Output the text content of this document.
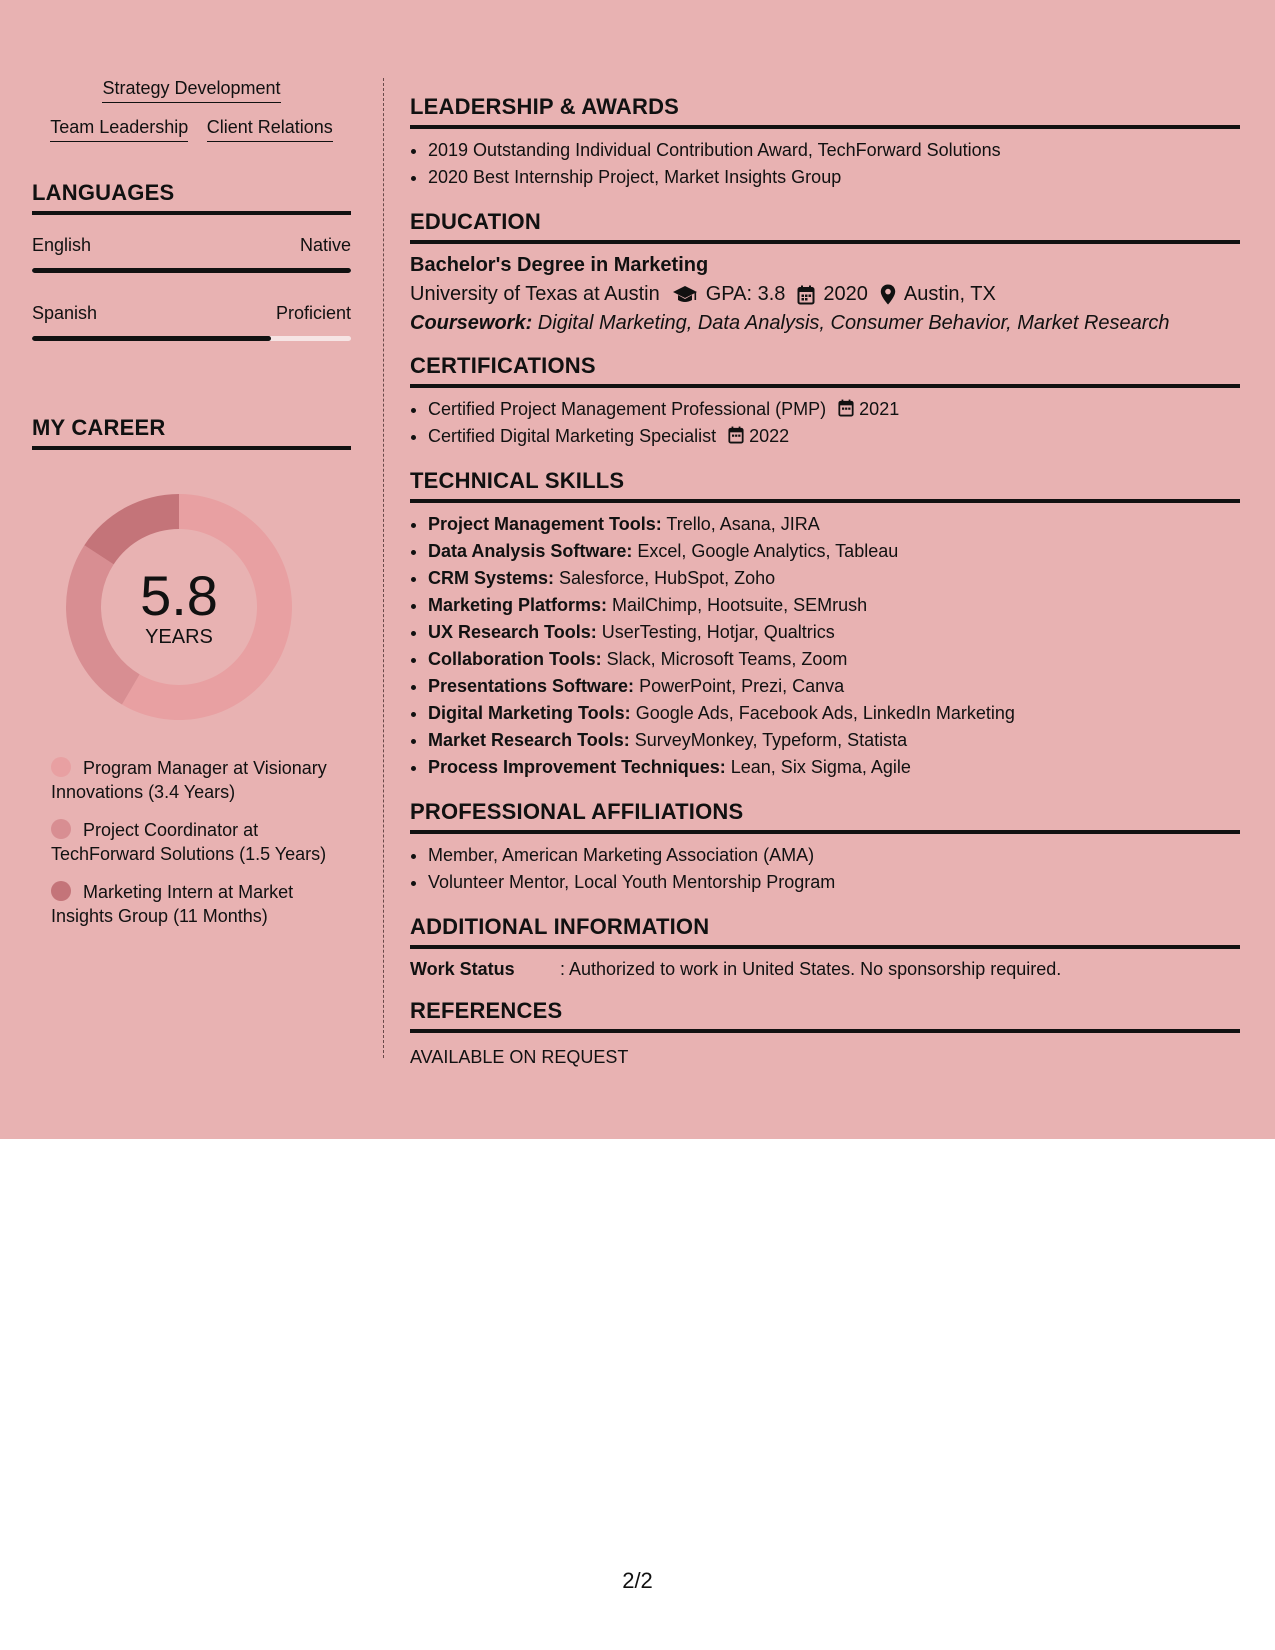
Strategy Development
Team Leadership Client Relations
LANGUAGES
English	Native
Spanish	Proficient
MY CAREER
5.8
YEARS
Program Manager at Visionary Innovations (3.4 Years)
Project Coordinator at TechForward Solutions (1.5 Years)
Marketing Intern at Market Insights Group (11 Months)
LEADERSHIP & AWARDS
• 2019 Outstanding Individual Contribution Award, TechForward Solutions
• 2020 Best Internship Project, Market Insights Group
EDUCATION
Bachelor's Degree in Marketing
University of Texas at Austin GPA: 3.8 2020 Austin, TX
Coursework: Digital Marketing, Data Analysis, Consumer Behavior, Market Research
CERTIFICATIONS
• Certified Project Management Professional (PMP) 2021
• Certified Digital Marketing Specialist 2022
TECHNICAL SKILLS
• Project Management Tools: Trello, Asana, JIRA
• Data Analysis Software: Excel, Google Analytics, Tableau
• CRM Systems: Salesforce, HubSpot, Zoho
• Marketing Platforms: MailChimp, Hootsuite, SEMrush
• UX Research Tools: UserTesting, Hotjar, Qualtrics
• Collaboration Tools: Slack, Microsoft Teams, Zoom
• Presentations Software: PowerPoint, Prezi, Canva
• Digital Marketing Tools: Google Ads, Facebook Ads, LinkedIn Marketing
• Market Research Tools: SurveyMonkey, Typeform, Statista
• Process Improvement Techniques: Lean, Six Sigma, Agile
PROFESSIONAL AFFILIATIONS
• Member, American Marketing Association (AMA)
• Volunteer Mentor, Local Youth Mentorship Program
ADDITIONAL INFORMATION
Work Status	: Authorized to work in United States. No sponsorship required.
REFERENCES
AVAILABLE ON REQUEST
2/2
